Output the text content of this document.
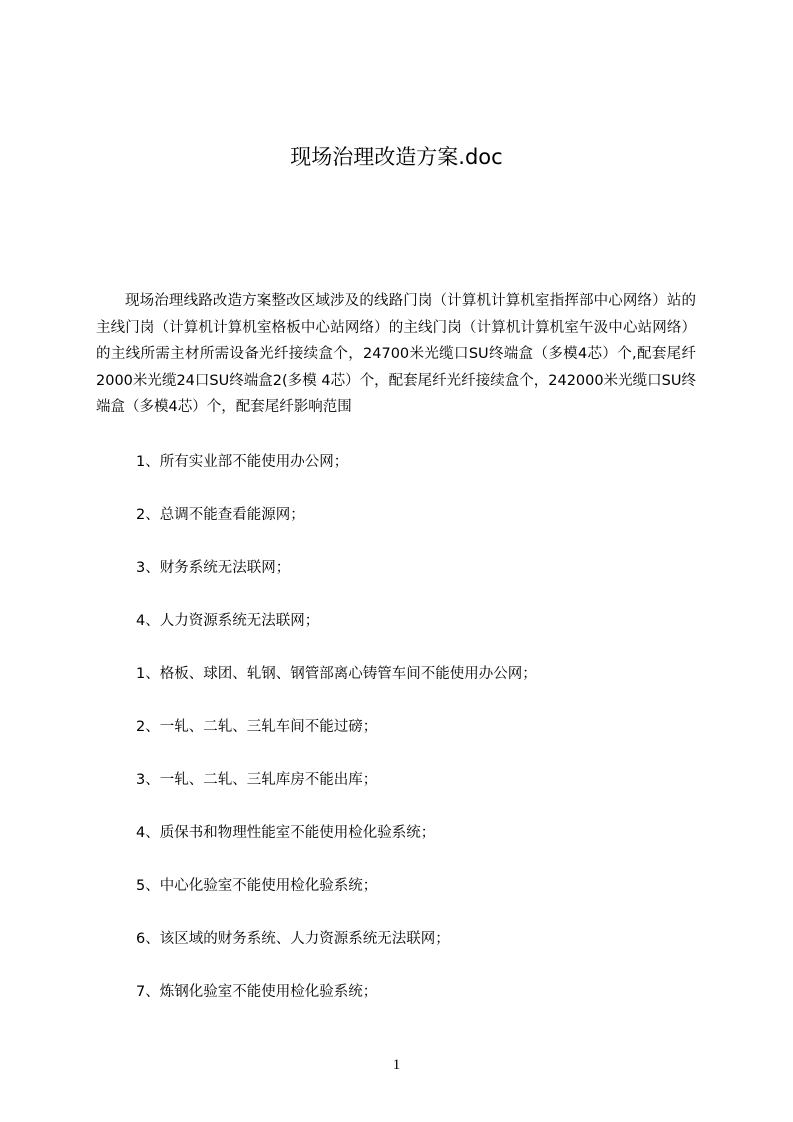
现场治理改造方案.doc

现场治理线路改造方案整改区域涉及的线路门岗（计算机计算机室指挥部中心网络）站的主线门岗（计算机计算机室格板中心站网络）的主线门岗（计算机计算机室午汲中心站网络）的主线所需主材所需设备光纤接续盒个，24700米光缆口SU终端盒（多模4芯）个,配套尾纤 2000米光缆24口SU终端盒2(多模 4芯）个，配套尾纤光纤接续盒个，242000米光缆口SU终端盒（多模4芯）个，配套尾纤影响范围

1、所有实业部不能使用办公网；
2、总调不能查看能源网；
3、财务系统无法联网；
4、人力资源系统无法联网；
1、格板、球团、轧钢、钢管部离心铸管车间不能使用办公网；
2、一轧、二轧、三轧车间不能过磅；
3、一轧、二轧、三轧库房不能出库；
4、质保书和物理性能室不能使用检化验系统；
5、中心化验室不能使用检化验系统；
6、该区域的财务系统、人力资源系统无法联网；
7、炼钢化验室不能使用检化验系统；
1
